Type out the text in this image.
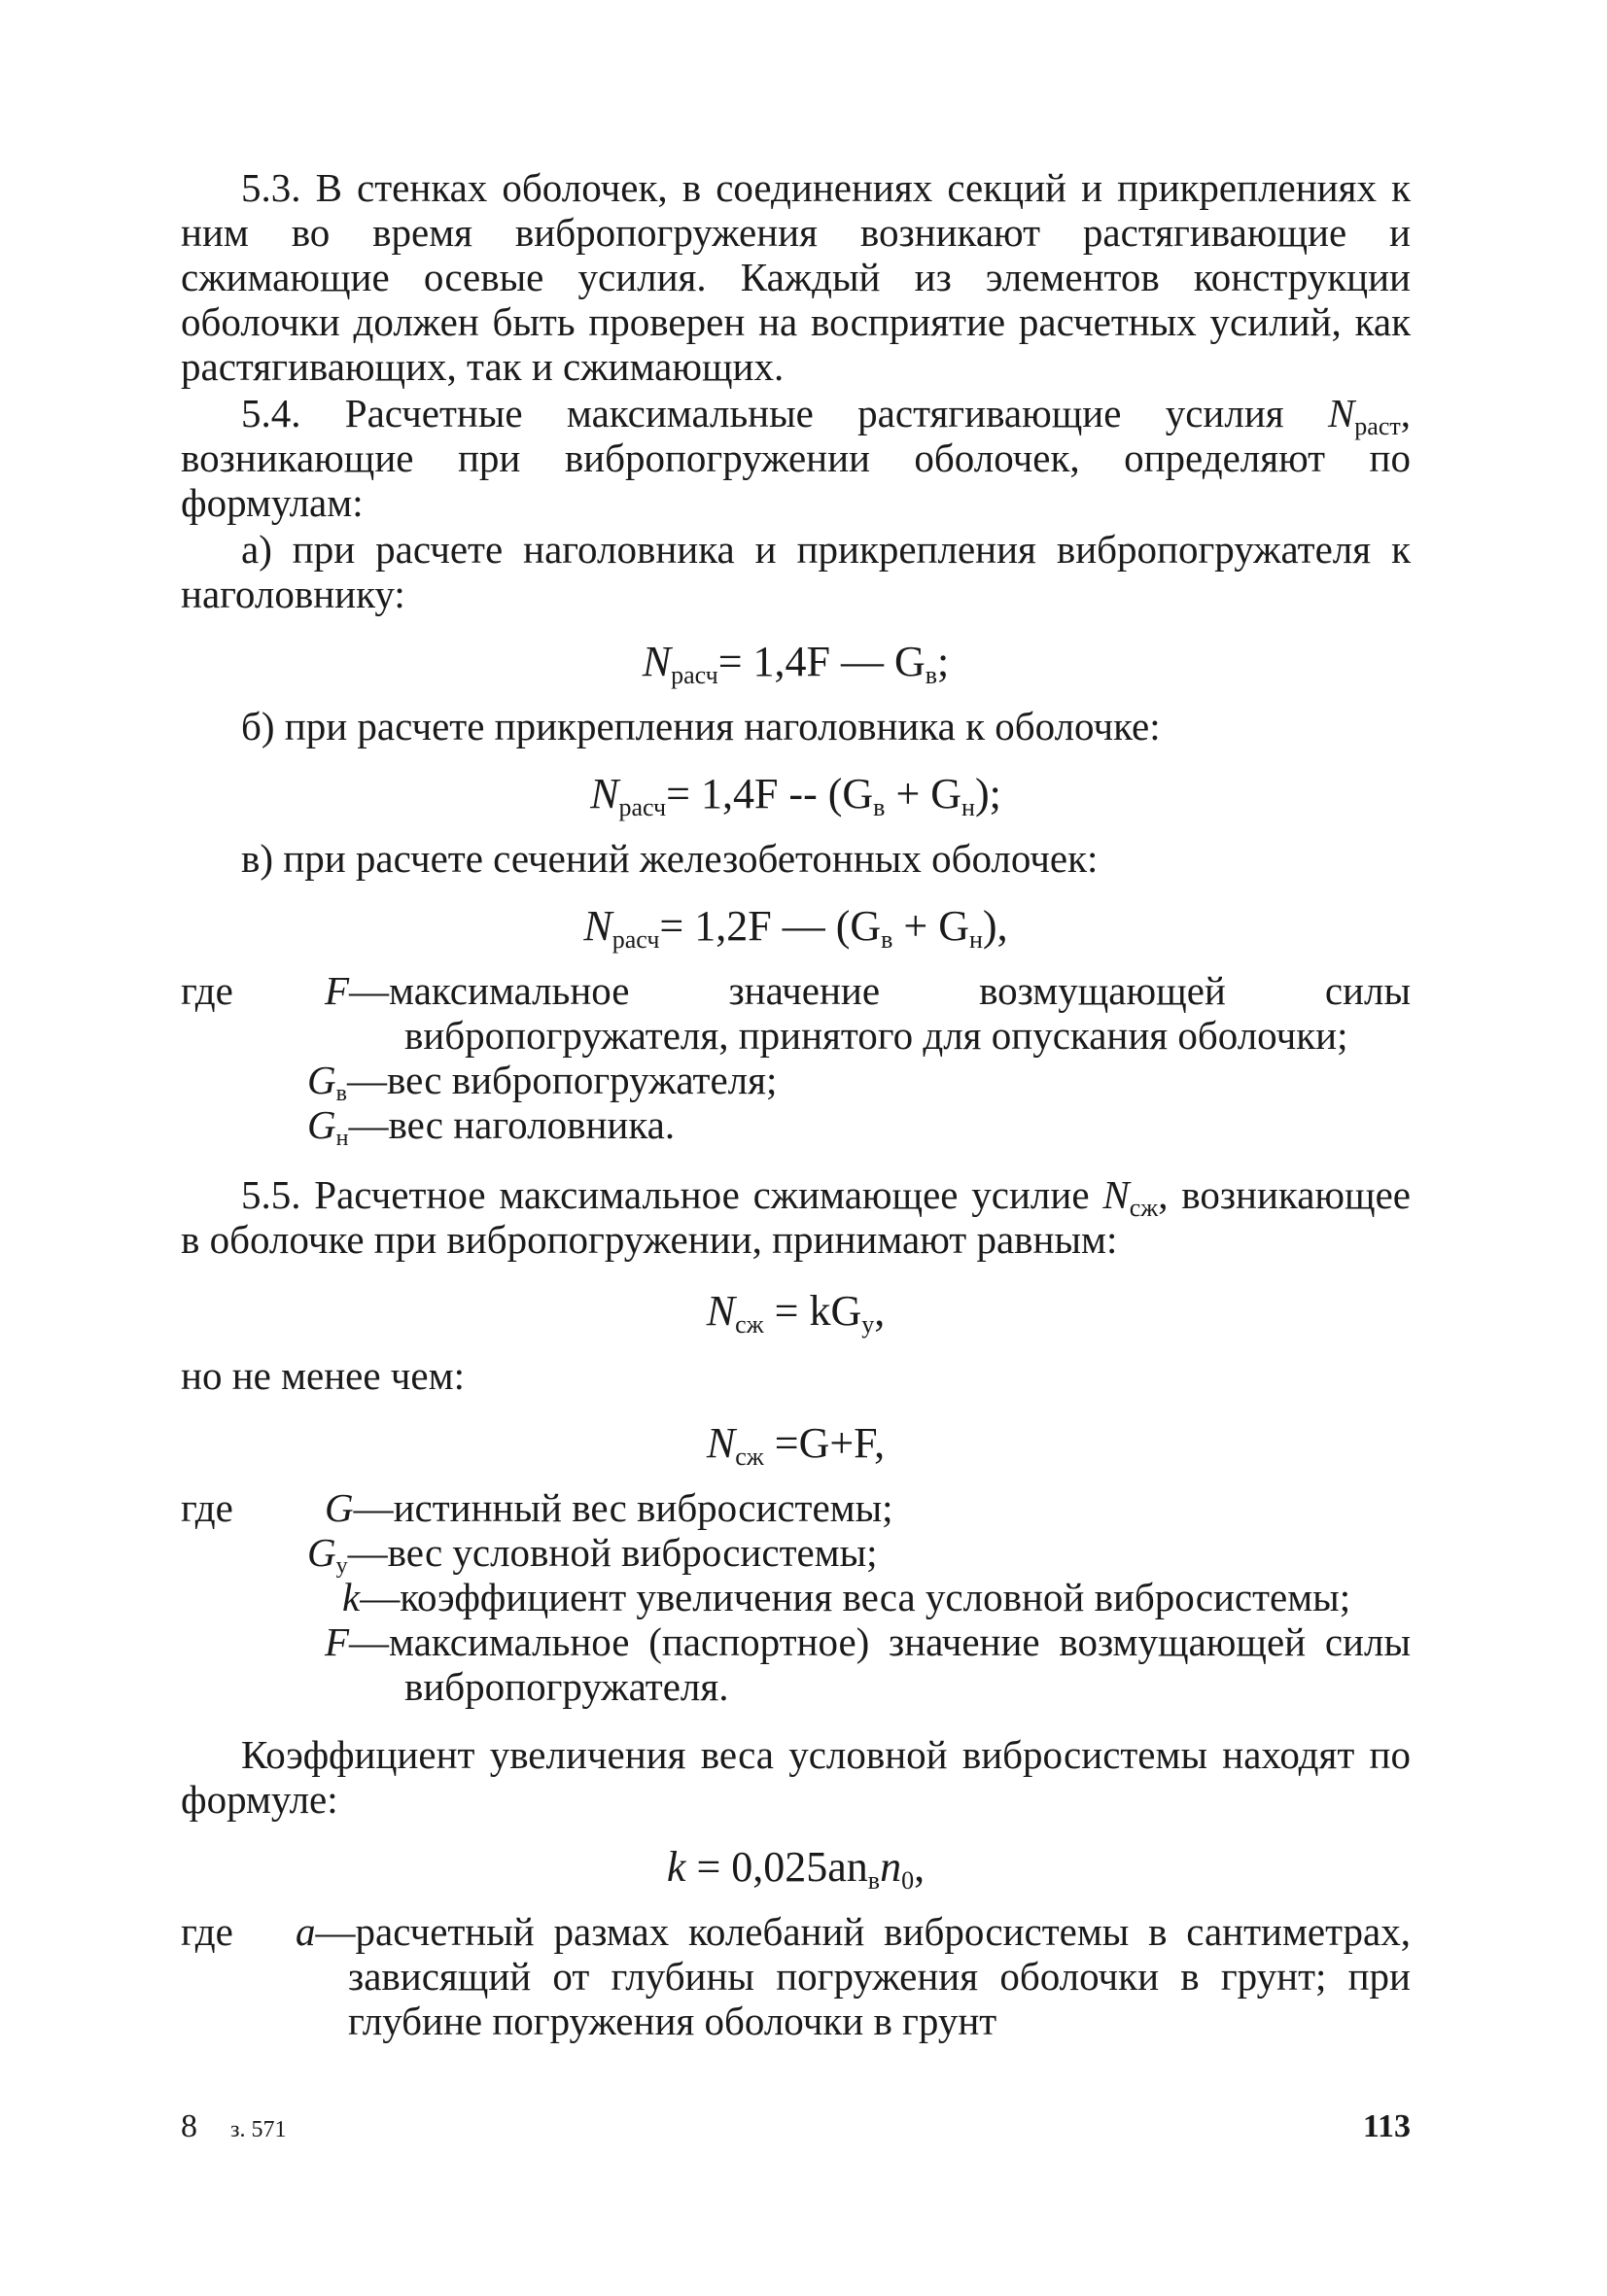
5.3. В стенках оболочек, в соединениях секций и прикреплениях к ним во время вибропогружения возникают растягивающие и сжимающие осевые усилия. Каждый из элементов конструкции оболочки должен быть проверен на восприятие расчетных усилий, как растягивающих, так и сжимающих.

5.4. Расчетные максимальные растягивающие усилия Nраст, возникающие при вибропогружении оболочек, определяют по формулам:

а) при расчете наголовника и прикрепления вибропогружателя к наголовнику:

$N_{расч}= 1,4F$ — $G_в$;

б) при расчете прикрепления наголовника к оболочке:

$N_{расч}= 1,4F -- (G_в + G_н)$;

в) при расчете сечений железобетонных оболочек:

$N_{расч}= 1,2F$ — $(G_в + G_н)$,
где F—максимальное значение возмущающей силы вибропогружателя, принятого для опускания оболочки;

$G_в—вес$ вибропогружателя;

$G_н—вес$ наголовника.

5.5. Расчетное максимальное сжимающее усилие Nсж, возникающее в оболочке при вибропогружении, принимают равным:

$N_{сж} = kG_у$,

но не менее чем:

$N_{сж} =G+F$,
где G—истинный вес вибросистемы;

$G_у—вес$ условной вибросистемы;

k—коэффициент увеличения веса условной вибросистемы;

F—максимальное (паспортное) значение возмущающей силы вибропогружателя.

Коэффициент увеличения веса условной вибросистемы находят по формуле:

$k = 0,025an_вn_0$,
где a—расчетный размах колебаний вибросистемы в сантиметрах, зависящий от глубины погружения оболочки в грунт; при глубине погружения оболочки в грунт

8 з. 571	113
